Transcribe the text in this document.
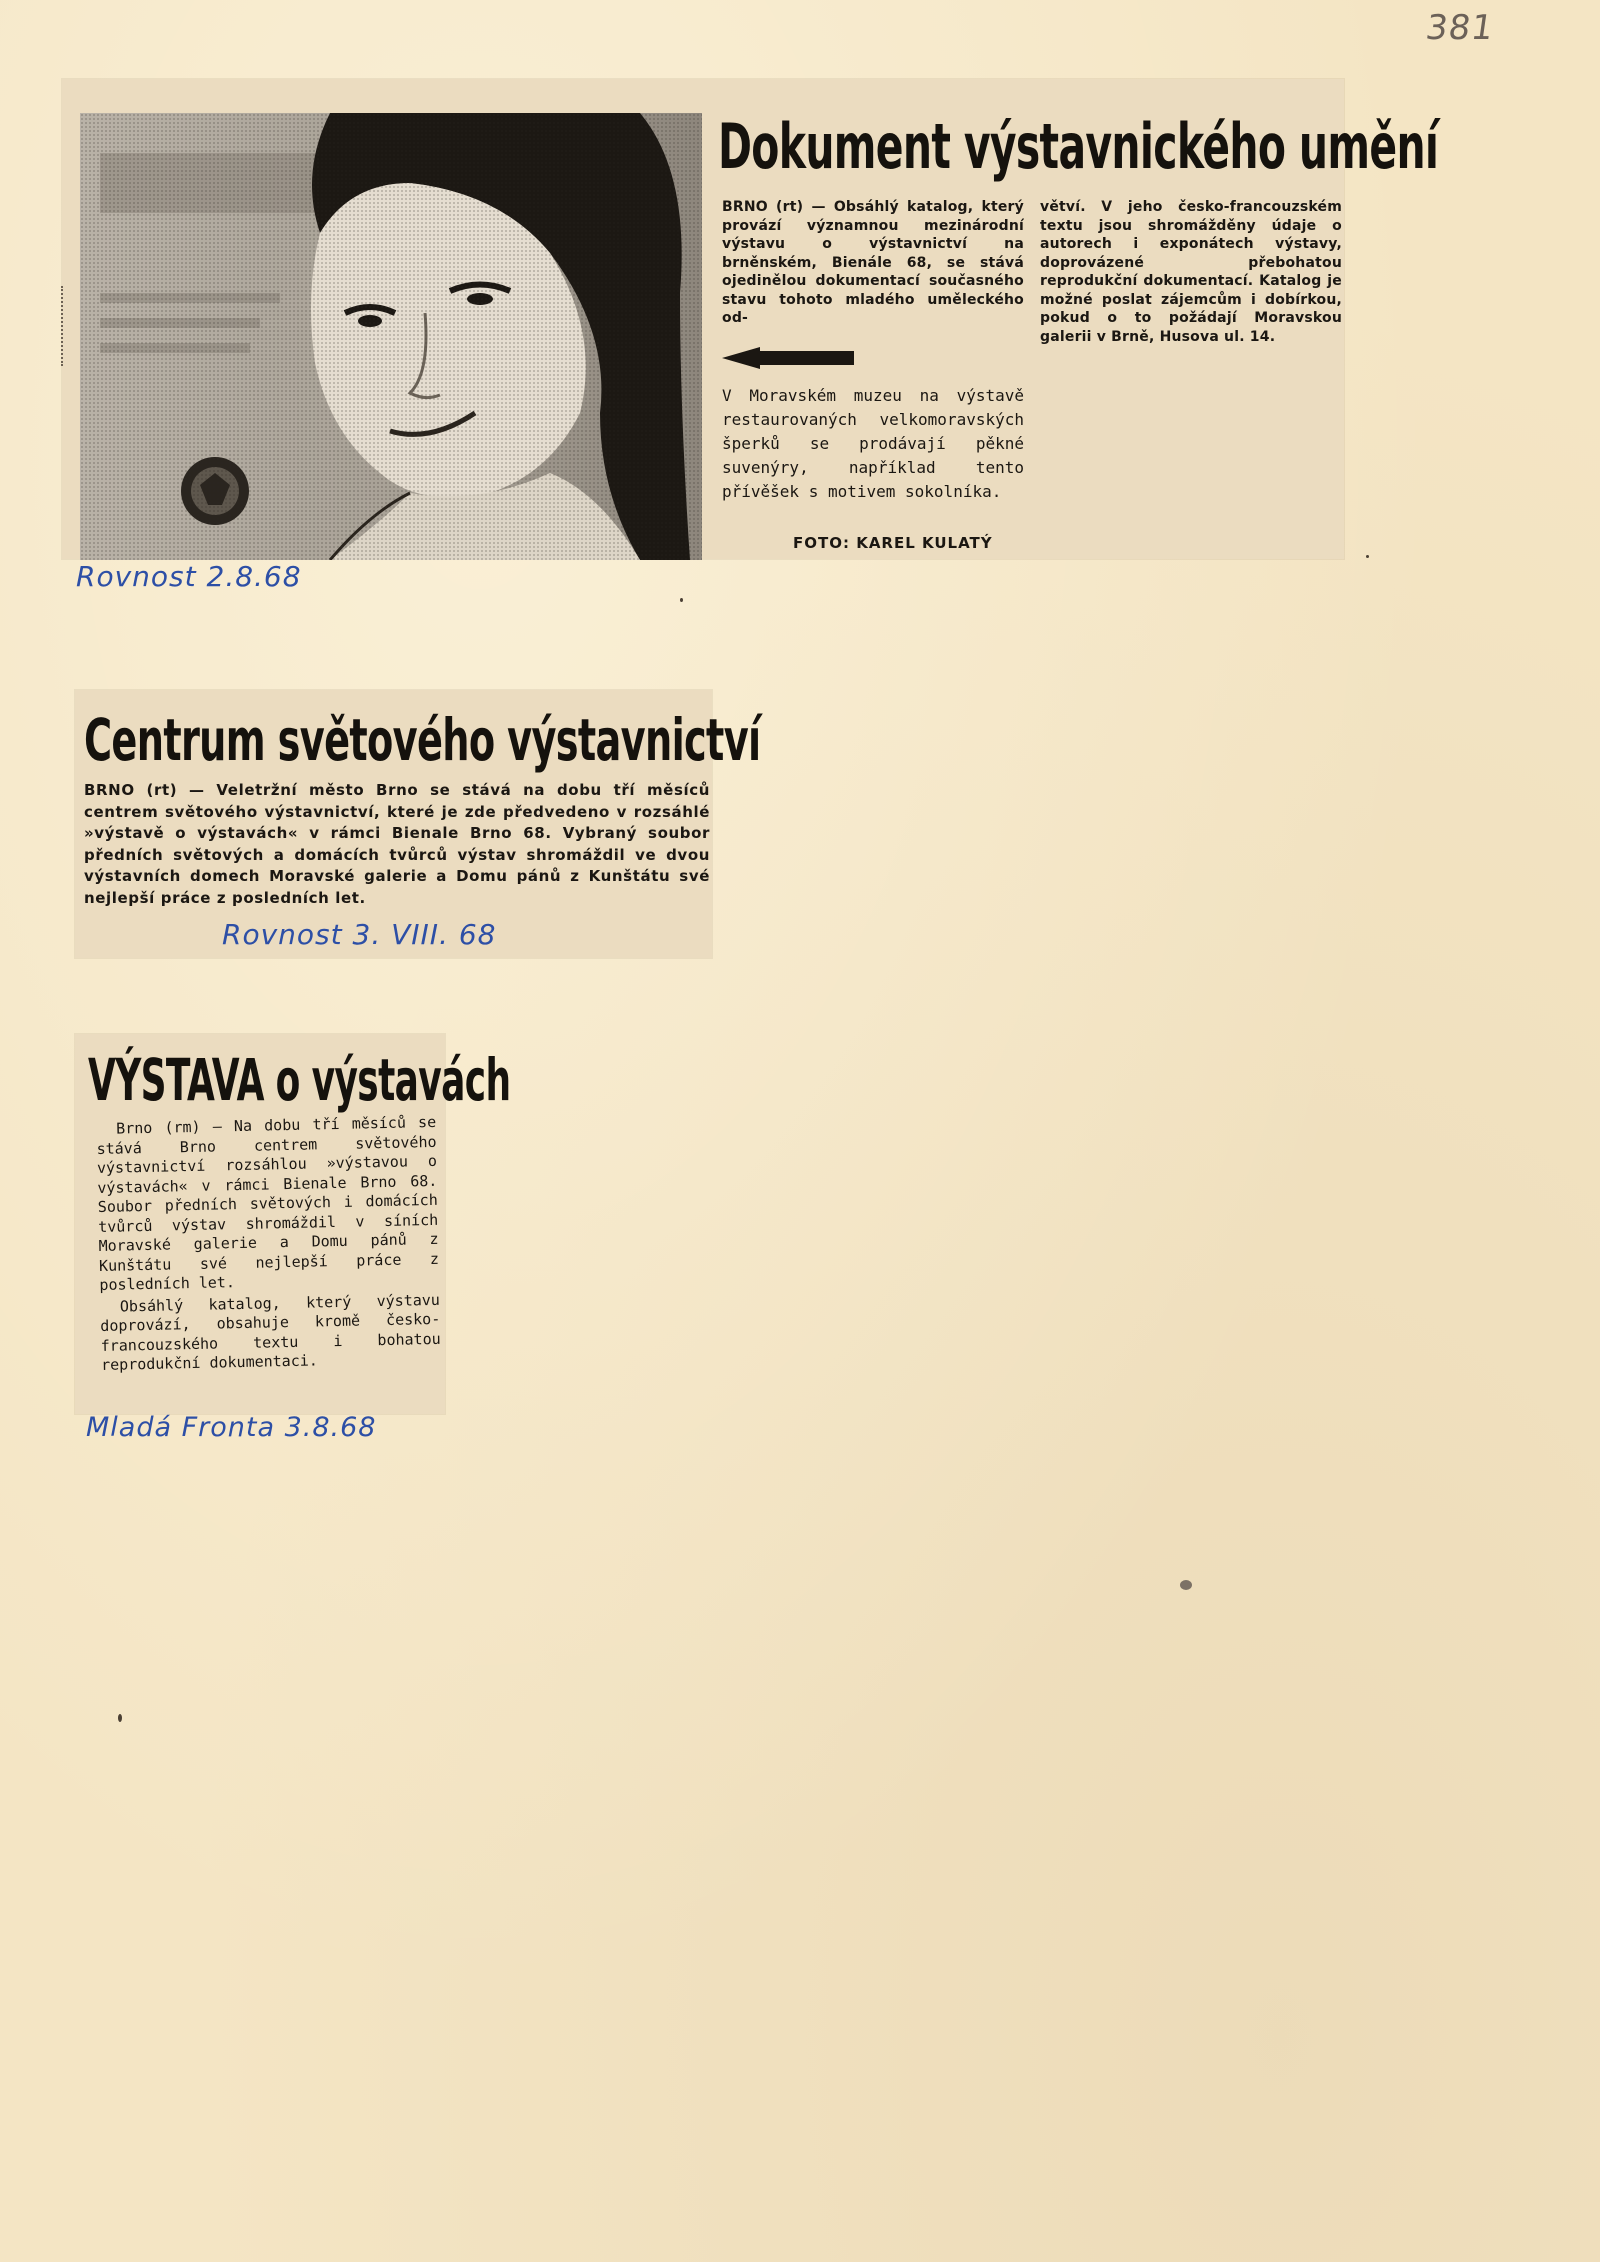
381
Dokument výstavnického umění
BRNO (rt) — Obsáhlý katalog, který provází významnou mezinárodní výstavu o výstavnictví na brněnském, Bienále 68, se stává ojedinělou dokumentací současného stavu tohoto mladého uměleckého od-
větví. V jeho česko-francouzském textu jsou shromážděny údaje o autorech i exponátech výstavy, doprovázené přebohatou reprodukční dokumentací. Katalog je možné poslat zájemcům i dobírkou, pokud o to požádají Moravskou galerii v Brně, Husova ul. 14.
V Moravském muzeu na výstavě restaurovaných velkomoravských šperků se prodávají pěkné suvenýry, například tento přívěšek s motivem sokolníka.
FOTO: KAREL KULATÝ
Rovnost 2.8.68
Centrum světového výstavnictví
BRNO (rt) — Veletržní město Brno se stává na dobu tří měsíců centrem světového výstavnictví, které je zde předvedeno v rozsáhlé »výstavě o výstavách« v rámci Bienale Brno 68. Vybraný soubor předních světových a domácích tvůrců výstav shromáždil ve dvou výstavních domech Moravské galerie a Domu pánů z Kunštátu své nejlepší práce z posledních let.
Rovnost 3. VIII. 68
VÝSTAVA o výstavách

Brno (rm) — Na dobu tří měsíců se stává Brno centrem světového výstavnictví rozsáhlou »výstavou o výstavách« v rámci Bienale Brno 68. Soubor předních světových i domácích tvůrců výstav shromáždil v síních Moravské galerie a Domu pánů z Kunštátu své nejlepší práce z posledních let.

Obsáhlý katalog, který výstavu doprovází, obsahuje kromě česko-francouzského textu i bohatou reprodukční dokumentaci.

Mladá Fronta 3.8.68
